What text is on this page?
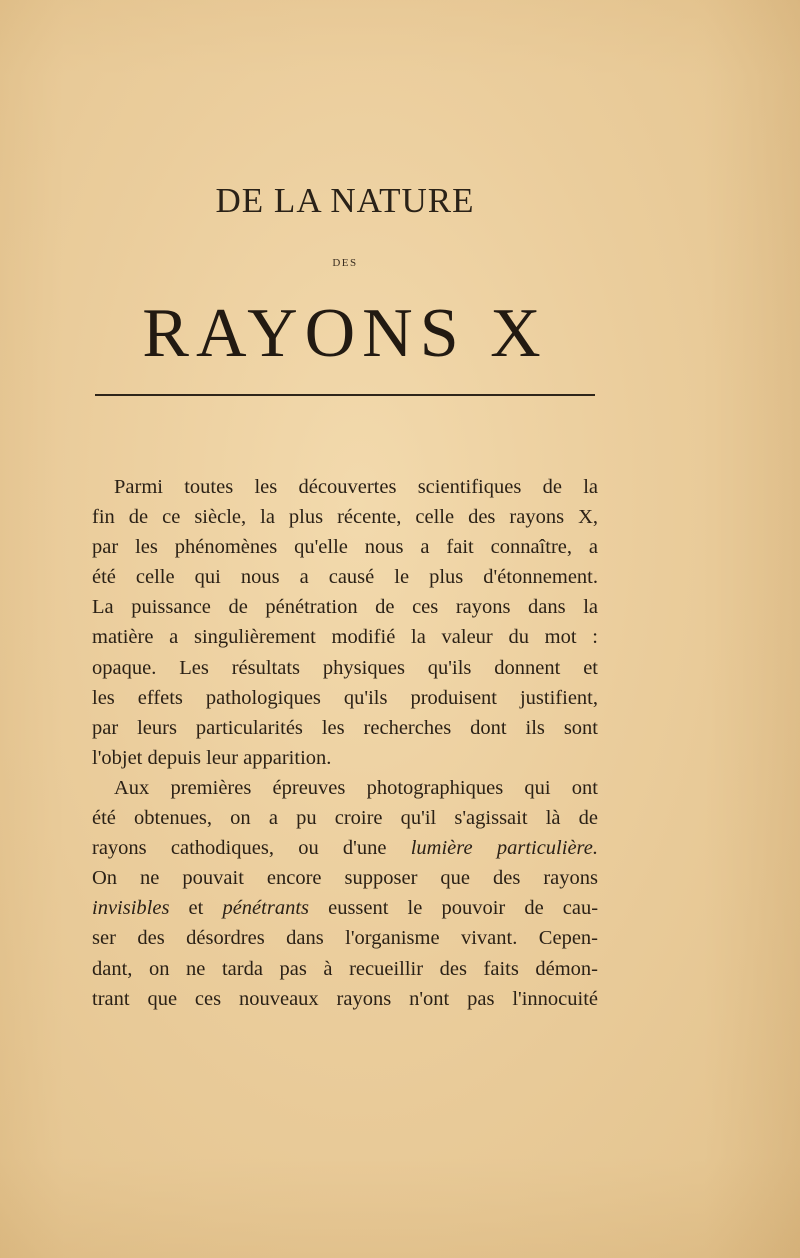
DE LA NATURE
DES
RAYONS X
Parmi toutes les découvertes scientifiques de la
fin de ce siècle, la plus récente, celle des rayons X,
par les phénomènes qu'elle nous a fait connaître, a
été celle qui nous a causé le plus d'étonnement.
La puissance de pénétration de ces rayons dans la
matière a singulièrement modifié la valeur du mot :
opaque. Les résultats physiques qu'ils donnent et
les effets pathologiques qu'ils produisent justifient,
par leurs particularités les recherches dont ils sont
l'objet depuis leur apparition.
Aux premières épreuves photographiques qui ont
été obtenues, on a pu croire qu'il s'agissait là de
rayons cathodiques, ou d'une lumière particulière.
On ne pouvait encore supposer que des rayons
invisibles et pénétrants eussent le pouvoir de cau-
ser des désordres dans l'organisme vivant. Cepen-
dant, on ne tarda pas à recueillir des faits démon-
trant que ces nouveaux rayons n'ont pas l'innocuité
